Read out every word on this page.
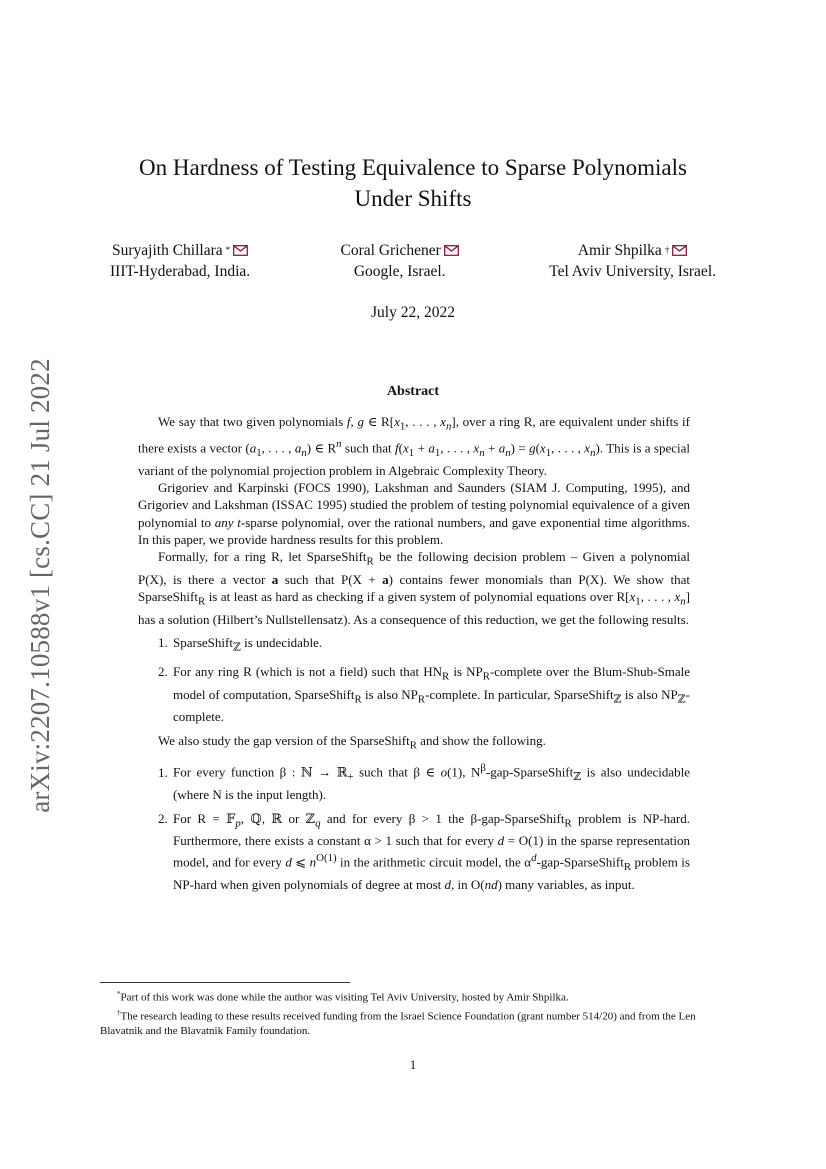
arXiv:2207.10588v1 [cs.CC] 21 Jul 2022
On Hardness of Testing Equivalence to Sparse Polynomials
Under Shifts
Suryajith Chillara *
IIIT-Hyderabad, India.
Coral Grichener
Google, Israel.
Amir Shpilka †
Tel Aviv University, Israel.
July 22, 2022
Abstract

We say that two given polynomials f, g ∈ $R[x_1$, . . . , $x_n$], over a ring R, are equivalent under shifts if there exists a vector ($a_1$, . . . , $a_n$) ∈ $R^n$ such that $f(x_1 + a_1$, . . . , $x_n + a_n) = g(x_1$, . . . , $x_n$). This is a special variant of the polynomial projection problem in Algebraic Complexity Theory.

Grigoriev and Karpinski (FOCS 1990), Lakshman and Saunders (SIAM J. Computing, 1995), and Grigoriev and Lakshman (ISSAC 1995) studied the problem of testing polynomial equivalence of a given polynomial to any t-sparse polynomial, over the rational numbers, and gave exponential time algorithms. In this paper, we provide hardness results for this problem.

Formally, for a ring R, let SparseShift$_R$ be the following decision problem – Given a polynomial P(X), is there a vector a such that P(X + a) contains fewer monomials than P(X). We show that SparseShift$_R$ is at least as hard as checking if a given system of polynomial equations over $R[x_1$, . . . , $x_n$] has a solution (Hilbert’s Nullstellensatz). As a consequence of this reduction, we get the following results.

1. SparseShift$_ℤ$ is undecidable.
2. For any ring R (which is not a field) such that $HN_R$ is $NP_R$-complete over the Blum-Shub-Smale model of computation, SparseShift$_R$ is also $NP_R$-complete. In particular, SparseShift$_ℤ$ is also $NP_ℤ$-complete.

We also study the gap version of the SparseShift$_R$ and show the following.

1. For every function β : ℕ → ℝ$_+$ such that β ∈ o(1), $N^\beta-gap-SparseShift_ℤ$ is also undecidable (where N is the input length).
2. For R = 𝔽$_p$, ℚ, ℝ or ℤ$_q$ and for every β > 1 the β-gap-SparseShift$_R$ problem is NP-hard. Furthermore, there exists a constant α > 1 such that for every d = O(1) in the sparse representation model, and for every d ⩽ $n^{O(1)}$ in the arithmetic circuit model, the $\alpha^d-gap-SparseShift_R$ problem is NP-hard when given polynomials of degree at most d, in O(nd) many variables, as input.

*Part of this work was done while the author was visiting Tel Aviv University, hosted by Amir Shpilka.

†The research leading to these results received funding from the Israel Science Foundation (grant number 514/20) and from the Len Blavatnik and the Blavatnik Family foundation.

1
